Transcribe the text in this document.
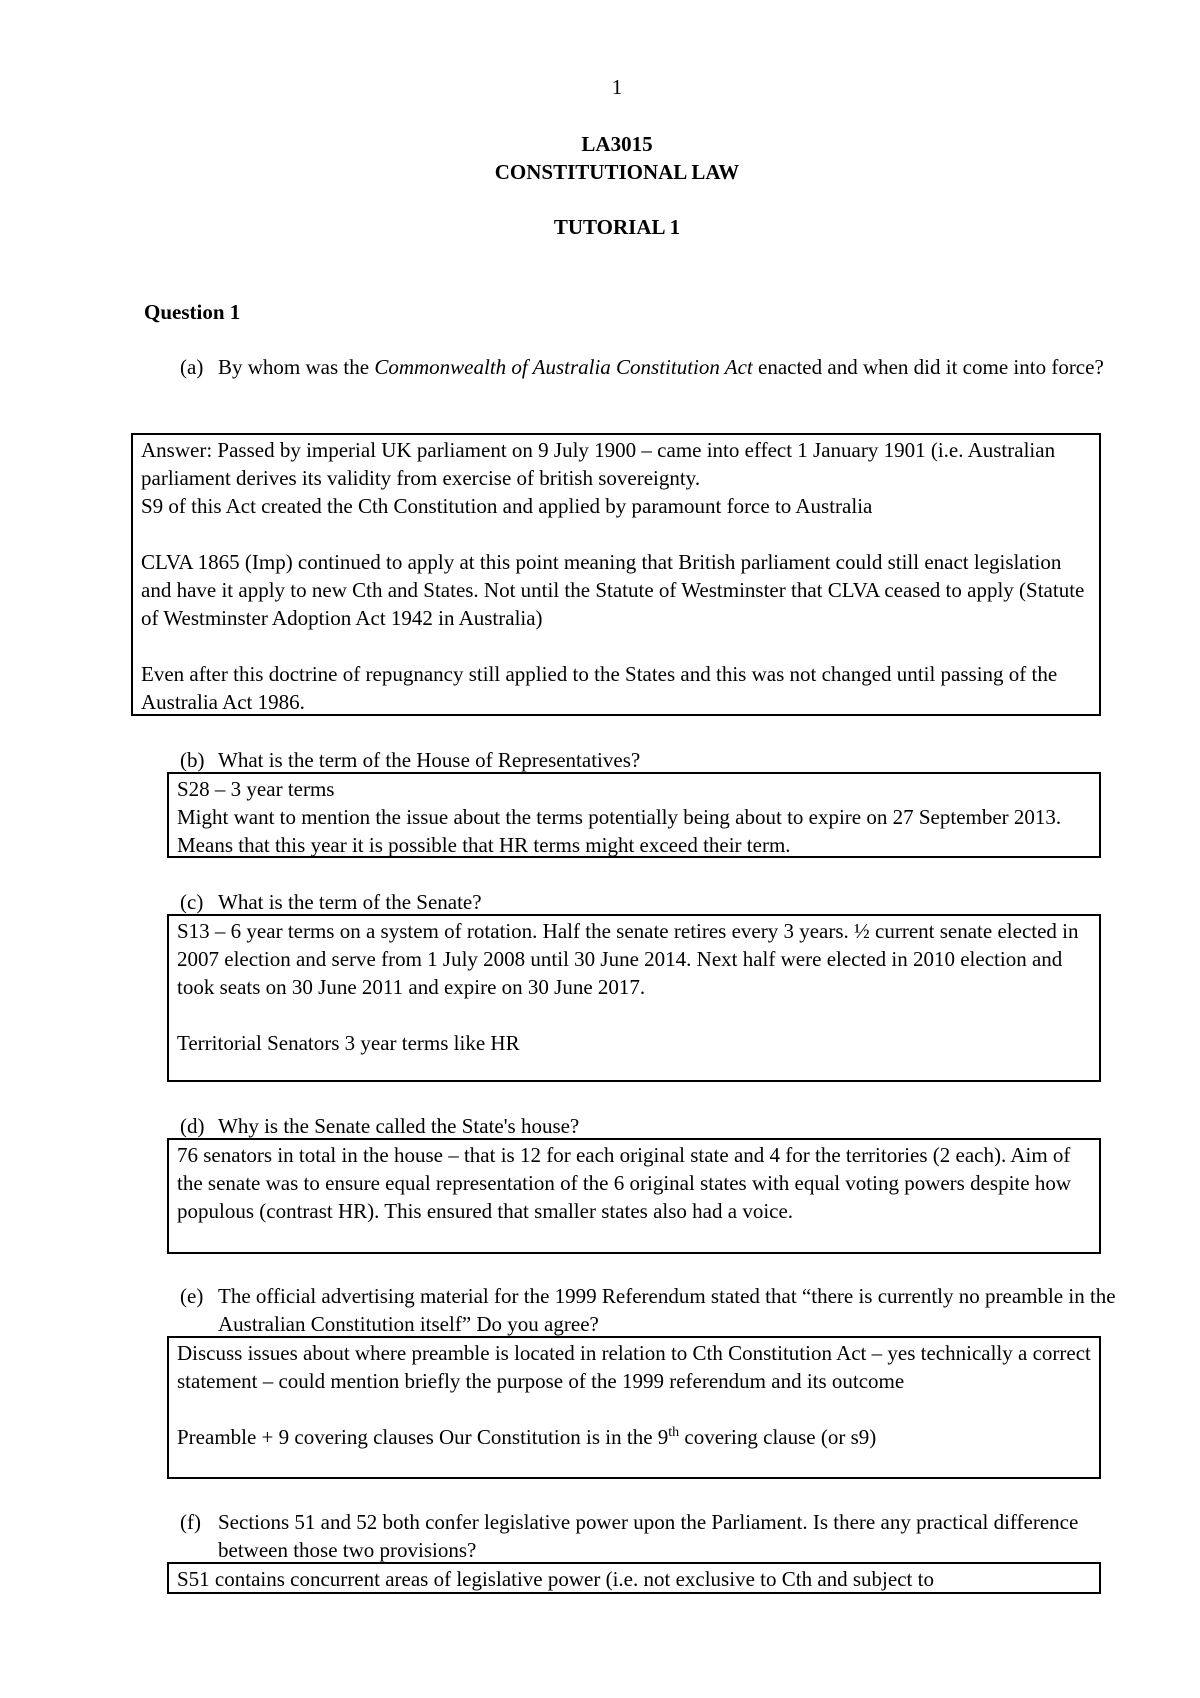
1
LA3015
CONSTITUTIONAL LAW
TUTORIAL 1
Question 1
(a) By whom was the Commonwealth of Australia Constitution Act enacted and when did it come into force?

Answer: Passed by imperial UK parliament on 9 July 1900 – came into effect 1 January 1901 (i.e. Australian parliament derives its validity from exercise of british sovereignty.

S9 of this Act created the Cth Constitution and applied by paramount force to Australia

CLVA 1865 (Imp) continued to apply at this point meaning that British parliament could still enact legislation and have it apply to new Cth and States. Not until the Statute of Westminster that CLVA ceased to apply (Statute of Westminster Adoption Act 1942 in Australia)

Even after this doctrine of repugnancy still applied to the States and this was not changed until passing of the Australia Act 1986.

(b) What is the term of the House of Representatives?

S28 – 3 year terms

Might want to mention the issue about the terms potentially being about to expire on 27 September 2013. Means that this year it is possible that HR terms might exceed their term.

(c) What is the term of the Senate?

S13 – 6 year terms on a system of rotation. Half the senate retires every 3 years. ½ current senate elected in 2007 election and serve from 1 July 2008 until 30 June 2014. Next half were elected in 2010 election and took seats on 30 June 2011 and expire on 30 June 2017.

Territorial Senators 3 year terms like HR

(d) Why is the Senate called the State's house?

76 senators in total in the house – that is 12 for each original state and 4 for the territories (2 each). Aim of the senate was to ensure equal representation of the 6 original states with equal voting powers despite how populous (contrast HR). This ensured that smaller states also had a voice.

(e) The official advertising material for the 1999 Referendum stated that “there is currently no preamble in the Australian Constitution itself” Do you agree?

Discuss issues about where preamble is located in relation to Cth Constitution Act – yes technically a correct statement – could mention briefly the purpose of the 1999 referendum and its outcome

Preamble + 9 covering clauses Our Constitution is in the 9th covering clause (or s9)

(f) Sections 51 and 52 both confer legislative power upon the Parliament. Is there any practical difference between those two provisions?

S51 contains concurrent areas of legislative power (i.e. not exclusive to Cth and subject to
